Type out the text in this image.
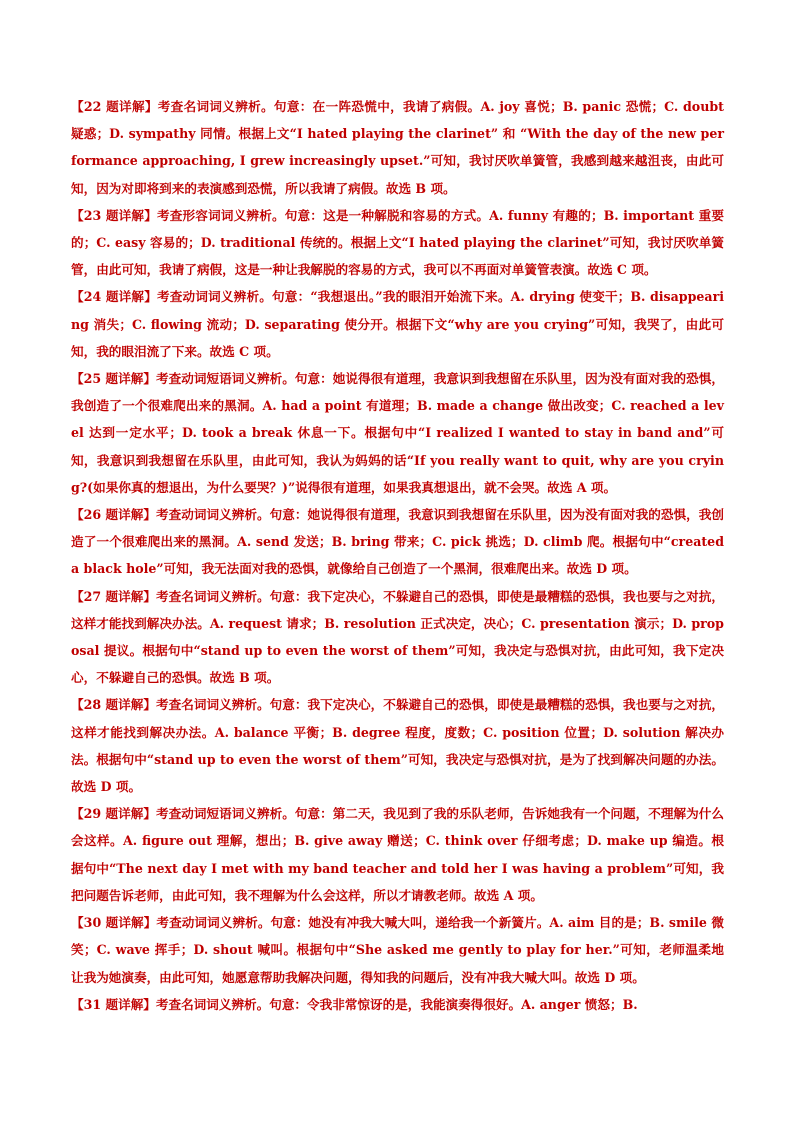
【22 题详解】考查名词词义辨析。句意：在一阵恐慌中，我请了病假。A. joy 喜悦；B. panic 恐慌；C. doubt 疑惑；D. sympathy 同情。根据上文“I hated playing the clarinet” 和 “With the day of the new performance approaching, I grew increasingly upset.”可知，我讨厌吹单簧管，我感到越来越沮丧，由此可知，因为对即将到来的表演感到恐慌，所以我请了病假。故选 B 项。

【23 题详解】考查形容词词义辨析。句意：这是一种解脱和容易的方式。A. funny 有趣的；B. important 重要的；C. easy 容易的；D. traditional 传统的。根据上文“I hated playing the clarinet”可知，我讨厌吹单簧管，由此可知，我请了病假，这是一种让我解脱的容易的方式，我可以不再面对单簧管表演。故选 C 项。

【24 题详解】考查动词词义辨析。句意：“我想退出。”我的眼泪开始流下来。A. drying 使变干；B. disappearing 消失；C. flowing 流动；D. separating 使分开。根据下文“why are you crying”可知，我哭了，由此可知，我的眼泪流了下来。故选 C 项。

【25 题详解】考查动词短语词义辨析。句意：她说得很有道理，我意识到我想留在乐队里，因为没有面对我的恐惧，我创造了一个很难爬出来的黑洞。A. had a point 有道理；B. made a change 做出改变；C. reached a level 达到一定水平；D. took a break 休息一下。根据句中“I realized I wanted to stay in band and”可知，我意识到我想留在乐队里，由此可知，我认为妈妈的话“If you really want to quit, why are you crying?(如果你真的想退出，为什么要哭？)”说得很有道理，如果我真想退出，就不会哭。故选 A 项。

【26 题详解】考查动词词义辨析。句意：她说得很有道理，我意识到我想留在乐队里，因为没有面对我的恐惧，我创造了一个很难爬出来的黑洞。A. send 发送；B. bring 带来；C. pick 挑选；D. climb 爬。根据句中“created a black hole”可知，我无法面对我的恐惧，就像给自己创造了一个黑洞，很难爬出来。故选 D 项。

【27 题详解】考查名词词义辨析。句意：我下定决心，不躲避自己的恐惧，即使是最糟糕的恐惧，我也要与之对抗，这样才能找到解决办法。A. request 请求；B. resolution 正式决定，决心；C. presentation 演示；D. proposal 提议。根据句中“stand up to even the worst of them”可知，我决定与恐惧对抗，由此可知，我下定决心，不躲避自己的恐惧。故选 B 项。

【28 题详解】考查名词词义辨析。句意：我下定决心，不躲避自己的恐惧，即使是最糟糕的恐惧，我也要与之对抗，这样才能找到解决办法。A. balance 平衡；B. degree 程度，度数；C. position 位置；D. solution 解决办法。根据句中“stand up to even the worst of them”可知，我决定与恐惧对抗，是为了找到解决问题的办法。故选 D 项。

【29 题详解】考查动词短语词义辨析。句意：第二天，我见到了我的乐队老师，告诉她我有一个问题，不理解为什么会这样。A. figure out 理解，想出；B. give away 赠送；C. think over 仔细考虑；D. make up 编造。根据句中“The next day I met with my band teacher and told her I was having a problem”可知，我把问题告诉老师，由此可知，我不理解为什么会这样，所以才请教老师。故选 A 项。

【30 题详解】考查动词词义辨析。句意：她没有冲我大喊大叫，递给我一个新簧片。A. aim 目的是；B. smile 微笑；C. wave 挥手；D. shout 喊叫。根据句中“She asked me gently to play for her.”可知，老师温柔地让我为她演奏，由此可知，她愿意帮助我解决问题，得知我的问题后，没有冲我大喊大叫。故选 D 项。

【31 题详解】考查名词词义辨析。句意：令我非常惊讶的是，我能演奏得很好。A. anger 愤怒；B.
